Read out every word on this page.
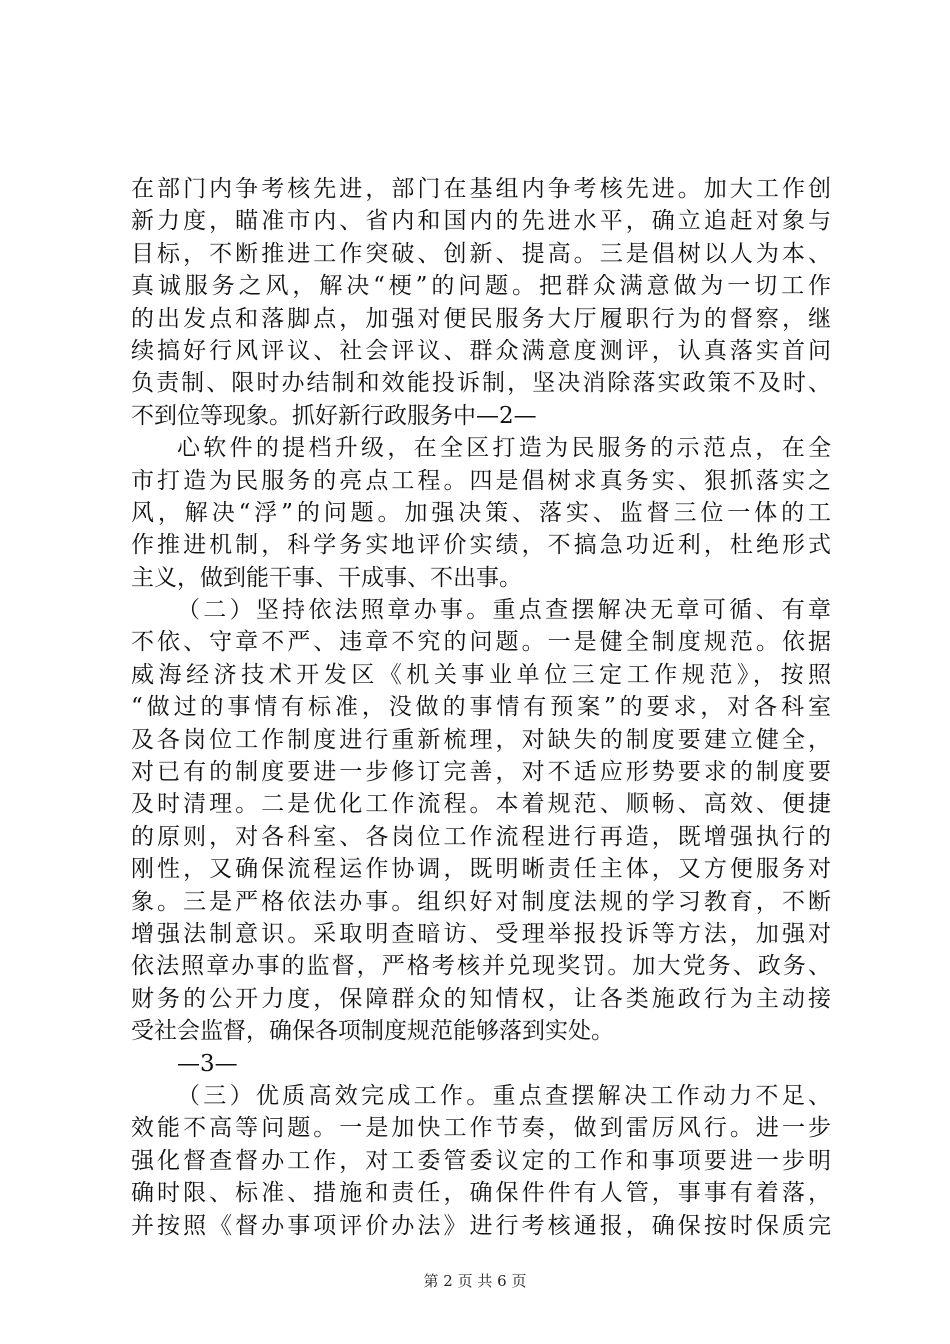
在部门内争考核先进，部门在基组内争考核先进。加大工作创
新力度，瞄准市内、省内和国内的先进水平，确立追赶对象与
目标，不断推进工作突破、创新、提高。三是倡树以人为本、
真诚服务之风，解决“梗”的问题。把群众满意做为一切工作
的出发点和落脚点，加强对便民服务大厅履职行为的督察，继
续搞好行风评议、社会评议、群众满意度测评，认真落实首问
负责制、限时办结制和效能投诉制，坚决消除落实政策不及时、
不到位等现象。抓好新行政服务中—2—
心软件的提档升级，在全区打造为民服务的示范点，在全
市打造为民服务的亮点工程。四是倡树求真务实、狠抓落实之
风，解决“浮”的问题。加强决策、落实、监督三位一体的工
作推进机制，科学务实地评价实绩，不搞急功近利，杜绝形式
主义，做到能干事、干成事、不出事。
（二）坚持依法照章办事。重点查摆解决无章可循、有章
不依、守章不严、违章不究的问题。一是健全制度规范。依据
威海经济技术开发区《机关事业单位三定工作规范》，按照
“做过的事情有标准，没做的事情有预案”的要求，对各科室
及各岗位工作制度进行重新梳理，对缺失的制度要建立健全，
对已有的制度要进一步修订完善，对不适应形势要求的制度要
及时清理。二是优化工作流程。本着规范、顺畅、高效、便捷
的原则，对各科室、各岗位工作流程进行再造，既增强执行的
刚性，又确保流程运作协调，既明晰责任主体，又方便服务对
象。三是严格依法办事。组织好对制度法规的学习教育，不断
增强法制意识。采取明查暗访、受理举报投诉等方法，加强对
依法照章办事的监督，严格考核并兑现奖罚。加大党务、政务、
财务的公开力度，保障群众的知情权，让各类施政行为主动接
受社会监督，确保各项制度规范能够落到实处。
—3—
（三）优质高效完成工作。重点查摆解决工作动力不足、
效能不高等问题。一是加快工作节奏，做到雷厉风行。进一步
强化督查督办工作，对工委管委议定的工作和事项要进一步明
确时限、标准、措施和责任，确保件件有人管，事事有着落，
并按照《督办事项评价办法》进行考核通报，确保按时保质完
第 2 页 共 6 页
